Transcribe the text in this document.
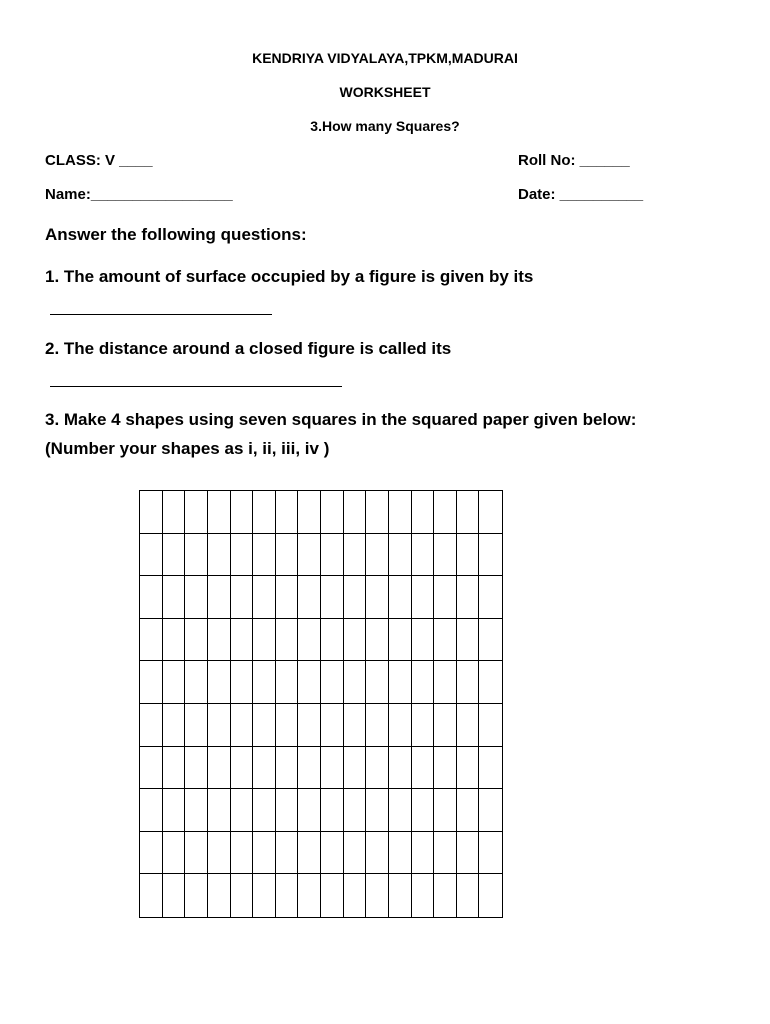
KENDRIYA VIDYALAYA,TPKM,MADURAI
WORKSHEET
3.How many Squares?
CLASS: V ____	Roll No: ______
Name:_________________	Date: __________
Answer the following questions:
1. The amount of surface occupied by a figure is given by its
2. The distance around a closed figure is called its
3. Make 4 shapes using seven squares in the squared paper given below:
(Number your shapes as i, ii, iii, iv )
